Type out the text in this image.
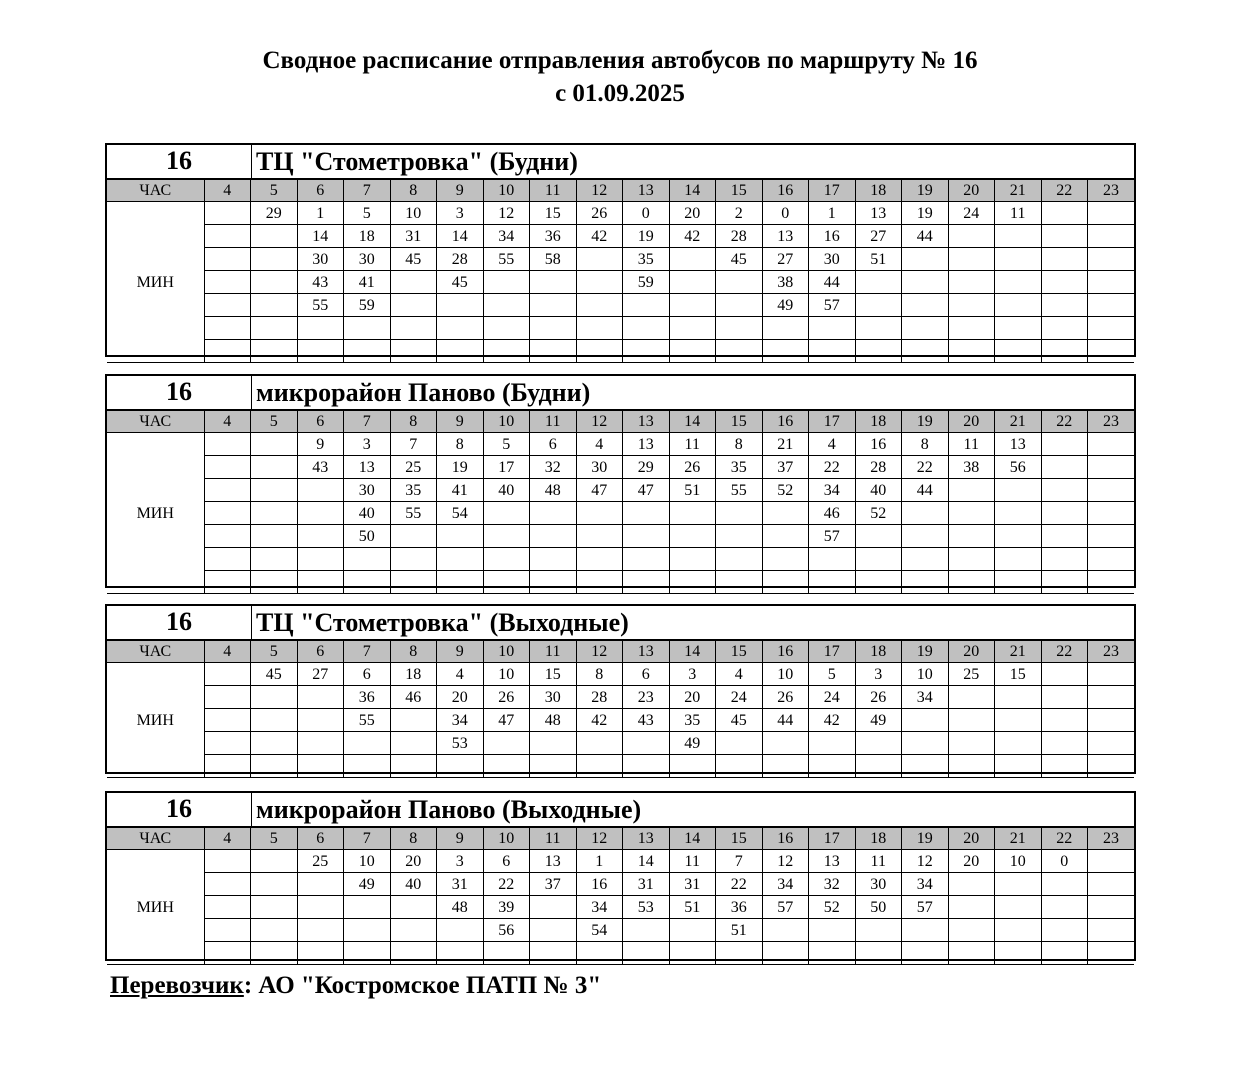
Сводное расписание отправления автобусов по маршруту № 16
с 01.09.2025
16	ТЦ "Стометровка" (Будни)
ЧАС	4	5	6	7	8	9	10	11	12	13	14	15	16	17	18	19	20	21	22	23
МИН		29	1	5	10	3	12	15	26	0	20	2	0	1	13	19	24	11		
			14	18	31	14	34	36	42	19	42	28	13	16	27	44				
			30	30	45	28	55	58		35		45	27	30	51					
			43	41		45				59			38	44						
			55	59									49	57						

16	микрорайон Паново (Будни)
ЧАС	4	5	6	7	8	9	10	11	12	13	14	15	16	17	18	19	20	21	22	23
МИН			9	3	7	8	5	6	4	13	11	8	21	4	16	8	11	13		
			43	13	25	19	17	32	30	29	26	35	37	22	28	22	38	56		
				30	35	41	40	48	47	47	51	55	52	34	40	44				
				40	55	54								46	52					
				50										57						

16	ТЦ "Стометровка" (Выходные)
ЧАС	4	5	6	7	8	9	10	11	12	13	14	15	16	17	18	19	20	21	22	23
МИН		45	27	6	18	4	10	15	8	6	3	4	10	5	3	10	25	15		
				36	46	20	26	30	28	23	20	24	26	24	26	34				
				55		34	47	48	42	43	35	45	44	42	49					
						53					49									

16	микрорайон Паново (Выходные)
ЧАС	4	5	6	7	8	9	10	11	12	13	14	15	16	17	18	19	20	21	22	23
МИН			25	10	20	3	6	13	1	14	11	7	12	13	11	12	20	10	0	
				49	40	31	22	37	16	31	31	22	34	32	30	34				
						48	39		34	53	51	36	57	52	50	57				
							56		54			51								

Перевозчик: АО "Костромское ПАТП № 3"
